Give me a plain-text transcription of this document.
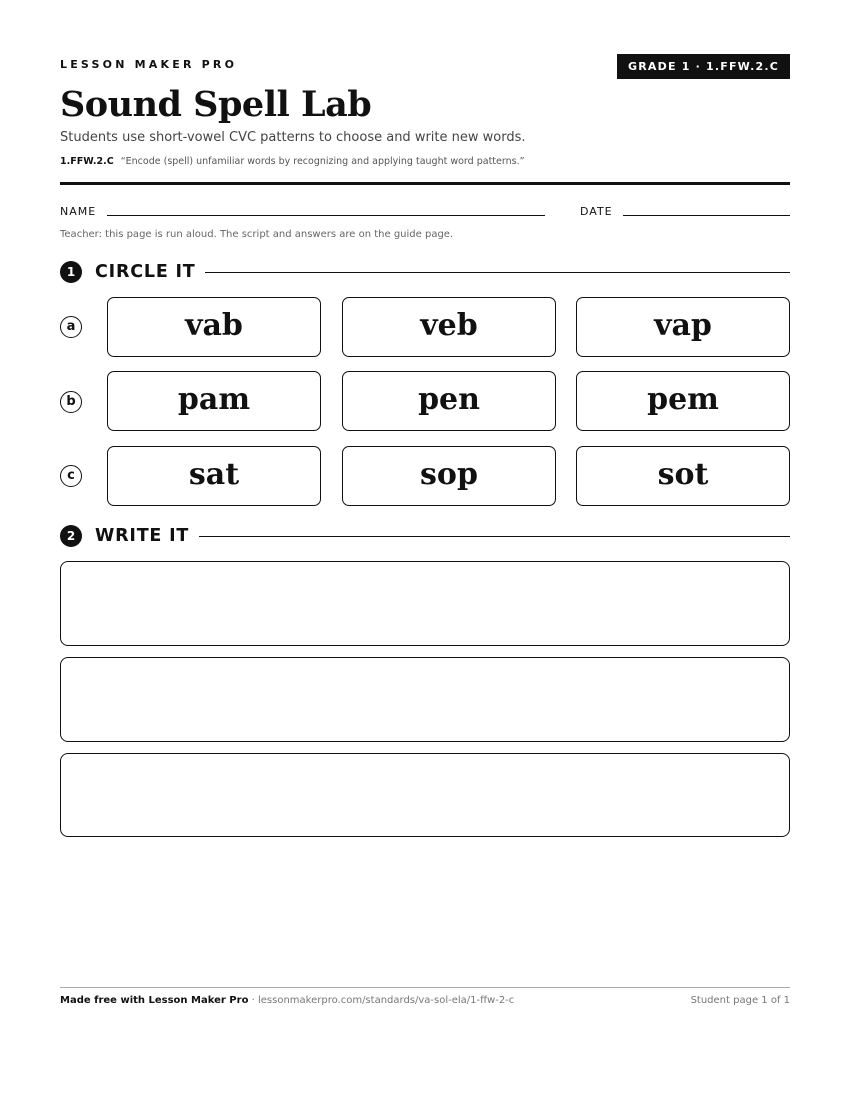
LESSON MAKER PRO	GRADE 1 · 1.FFW.2.C
Sound Spell Lab
Students use short-vowel CVC patterns to choose and write new words.
1.FFW.2.C “Encode (spell) unfamiliar words by recognizing and applying taught word patterns.”
NAME	DATE
Teacher: this page is run aloud. The script and answers are on the guide page.
1	CIRCLE IT
a	vab	veb	vap
b	pam	pen	pem
c	sat	sop	sot
2	WRITE IT
Made free with Lesson Maker Pro · lessonmakerpro.com/standards/va-sol-ela/1-ffw-2-c	Student page 1 of 1
